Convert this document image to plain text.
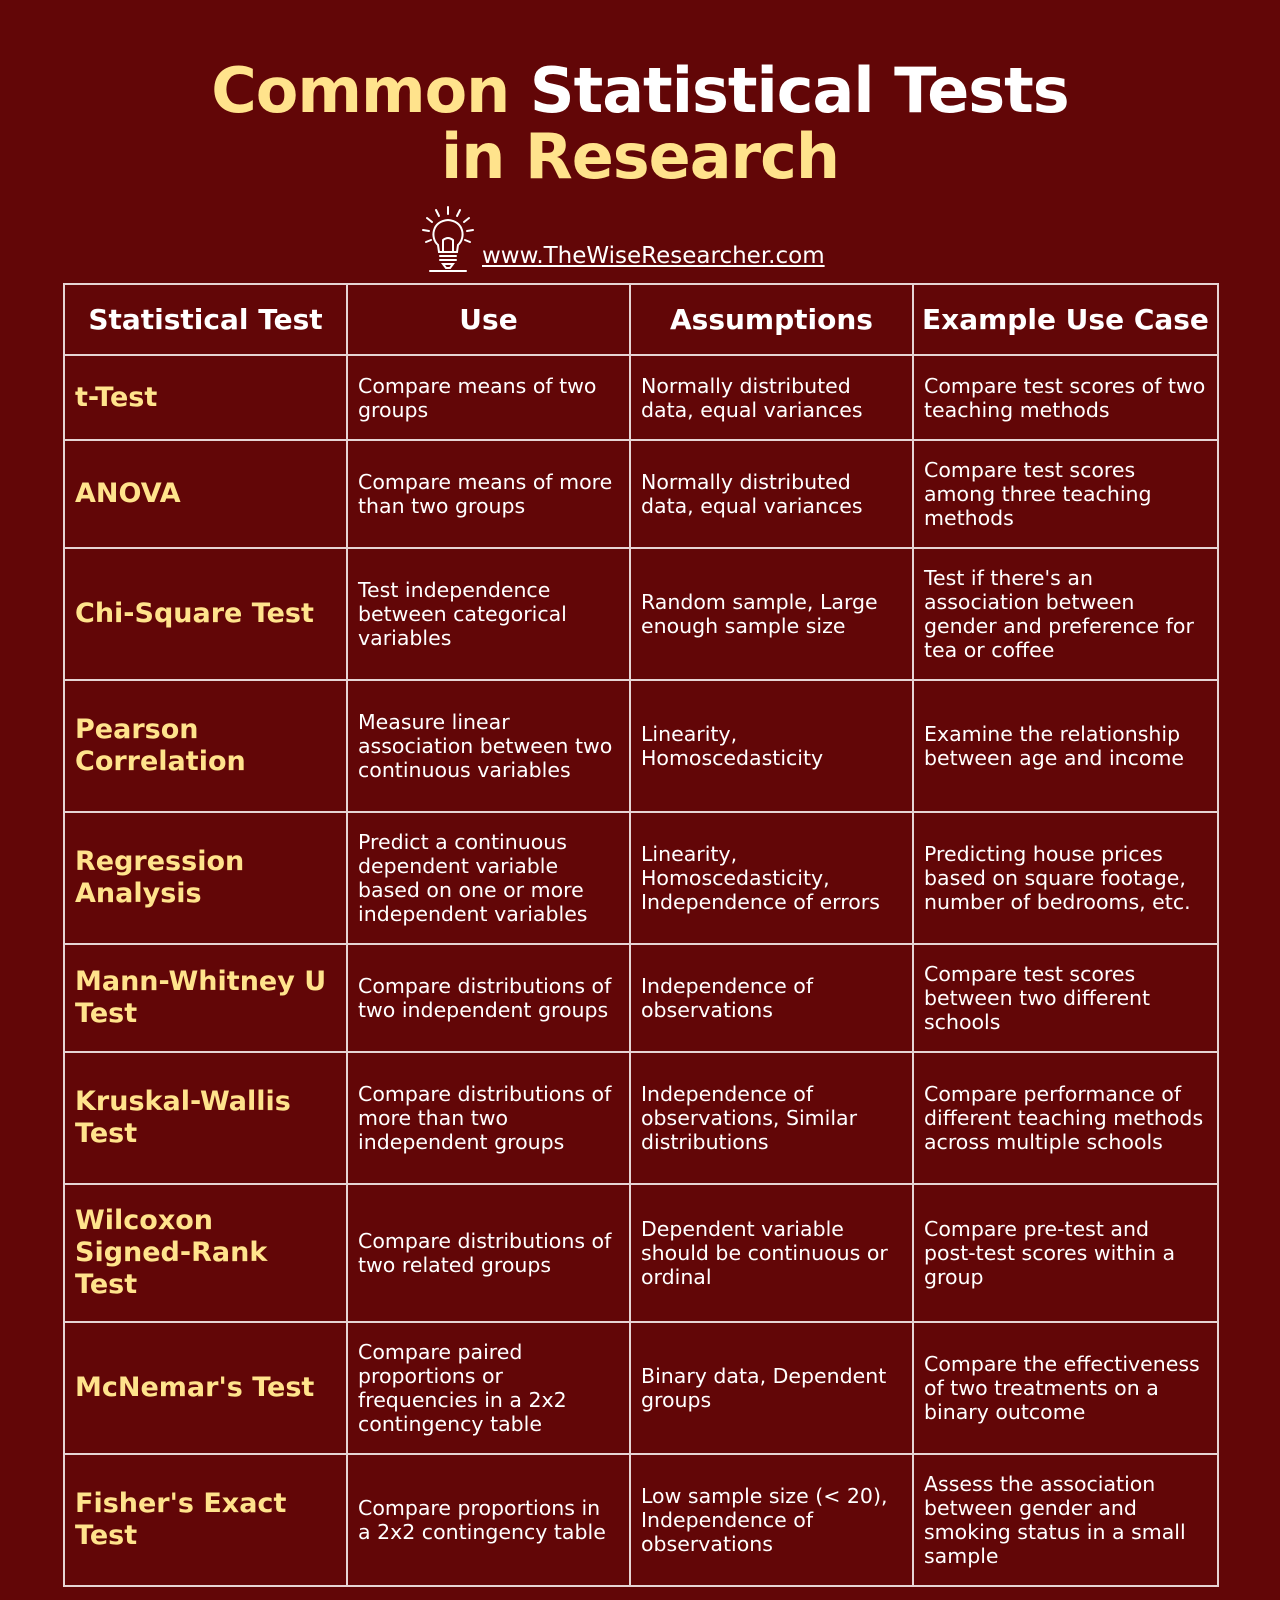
Common Statistical Tests
in Research
www.TheWiseResearcher.com
Statistical Test	Use	Assumptions	Example Use Case
t-Test	Compare means of two groups	Normally distributed data, equal variances	Compare test scores of two teaching methods
ANOVA	Compare means of more than two groups	Normally distributed data, equal variances	Compare test scores among three teaching methods
Chi-Square Test	Test independence between categorical variables	Random sample, Large enough sample size	Test if there's an association between gender and preference for tea or coffee
Pearson Correlation	Measure linear association between two continuous variables	Linearity, Homoscedasticity	Examine the relationship between age and income
Regression Analysis	Predict a continuous dependent variable based on one or more independent variables	Linearity, Homoscedasticity, Independence of errors	Predicting house prices based on square footage, number of bedrooms, etc.
Mann-Whitney U Test	Compare distributions of two independent groups	Independence of observations	Compare test scores between two different schools
Kruskal-Wallis Test	Compare distributions of more than two independent groups	Independence of observations, Similar distributions	Compare performance of different teaching methods across multiple schools
Wilcoxon Signed-Rank Test	Compare distributions of two related groups	Dependent variable should be continuous or ordinal	Compare pre-test and post-test scores within a group
McNemar's Test	Compare paired proportions or frequencies in a 2x2 contingency table	Binary data, Dependent groups	Compare the effectiveness of two treatments on a binary outcome
Fisher's Exact Test	Compare proportions in a 2x2 contingency table	Low sample size (< 20), Independence of observations	Assess the association between gender and smoking status in a small sample
